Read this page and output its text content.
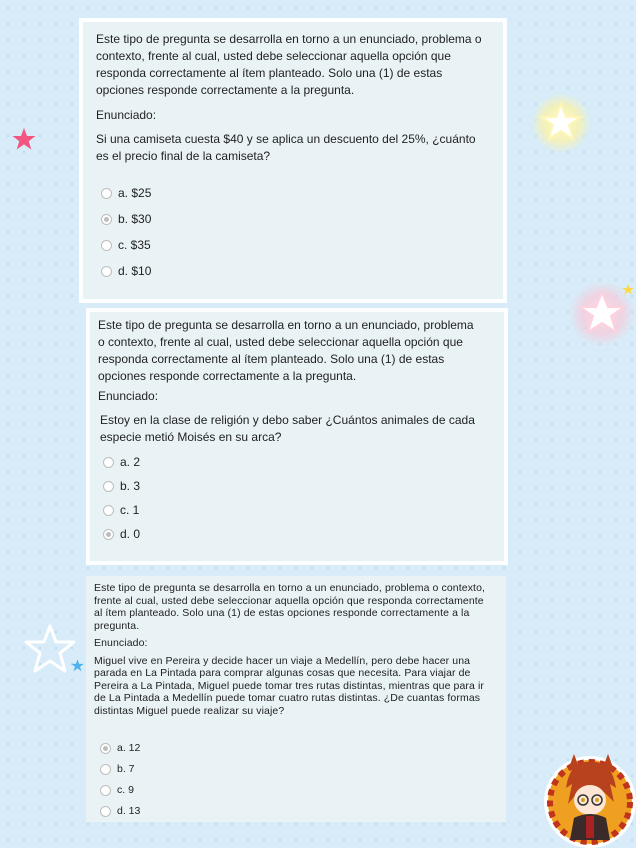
Este tipo de pregunta se desarrolla en torno a un enunciado, problema o contexto, frente al cual, usted debe seleccionar aquella opción que responda correctamente al ítem planteado. Solo una (1) de estas opciones responde correctamente a la pregunta.

Enunciado:

Si una camiseta cuesta $40 y se aplica un descuento del 25%, ¿cuánto es el precio final de la camiseta?

a. $25
b. $30
c. $35
d. $10

Este tipo de pregunta se desarrolla en torno a un enunciado, problema o contexto, frente al cual, usted debe seleccionar aquella opción que responda correctamente al ítem planteado. Solo una (1) de estas opciones responde correctamente a la pregunta.

Enunciado:

Estoy en la clase de religión y debo saber ¿Cuántos animales de cada especie metió Moisés en su arca?

a. 2
b. 3
c. 1
d. 0

Este tipo de pregunta se desarrolla en torno a un enunciado, problema o contexto, frente al cual, usted debe seleccionar aquella opción que responda correctamente al ítem planteado. Solo una (1) de estas opciones responde correctamente a la pregunta.

Enunciado:

Miguel vive en Pereira y decide hacer un viaje a Medellín, pero debe hacer una parada en La Pintada para comprar algunas cosas que necesita. Para viajar de Pereira a La Pintada, Miguel puede tomar tres rutas distintas, mientras que para ir de La Pintada a Medellín puede tomar cuatro rutas distintas. ¿De cuantas formas distintas Miguel puede realizar su viaje?

a. 12
b. 7
c. 9
d. 13
